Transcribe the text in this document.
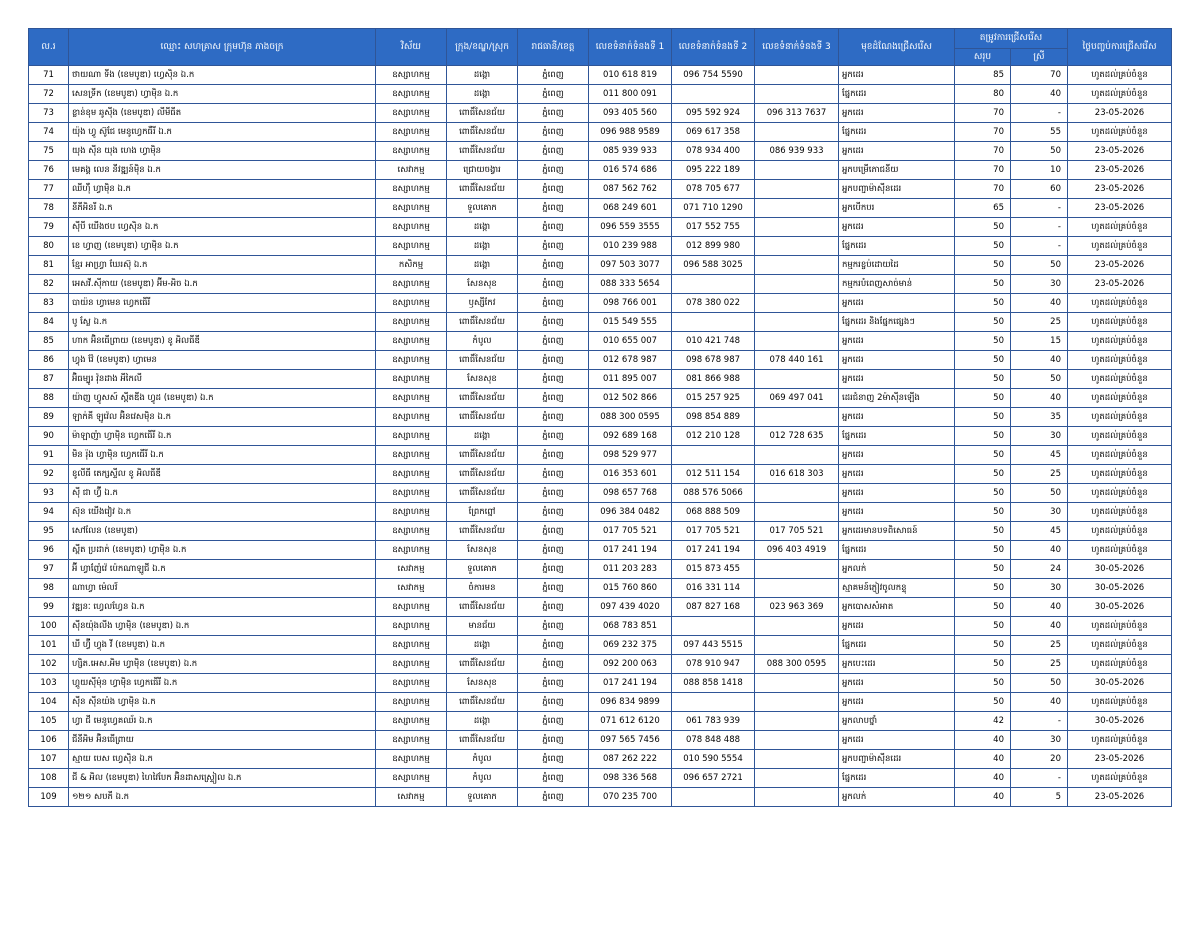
ល.រ	ឈ្មោះ សហគ្រាស ក្រុមហ៊ុន ភាងចក្រ	វិស័យ	ក្រុង/ខណ្ឌ/ស្រុក	រាជធានី/ខេត្ត	លេខទំនាក់ទំនងទី 1	លេខទំនាក់ទំនងទី 2	លេខទំនាក់ទំនងទី 3	មុខដំណែងជ្រើសរើស	តម្រូវការជ្រើសរើស		ថ្ងៃបញ្ចប់ការជ្រើសរើស
									សរុប	ស្រី	
71	ថាយណា ទីង (ខេមបូឌា) ហ្វេស៊ិន ឯ.ក	ឧស្សាហកម្ម	ដង្កោ	ភ្នំពេញ	010 618 819	096 754 5590		អ្នកដេរ	85	70	ហូតដល់គ្រប់ចំនួន
72	សេនទ្រីក (ខេមបូឌា) ហ្វាម៉ិន ឯ.ក	ឧស្សាហកម្ម	ដង្កោ	ភ្នំពេញ	011 800 091			ផ្នែកដេរ	80	40	ហូតដល់គ្រប់ចំនួន
73	ខ្លាន់ខុម ឆូស៊ីង (ខេមបូឌា) លីមីធីត	ឧស្សាហកម្ម	ពោធិ៍សែនជ័យ	ភ្នំពេញ	093 405 560	095 592 924	096 313 7637	អ្នកដេរ	70	-	23-05-2026
74	យ៉ុង ហ្វូ ស៊ូជែ មេនូហ្វេកធឺរី ឯ.ក	ឧស្សាហកម្ម	ពោធិ៍សែនជ័យ	ភ្នំពេញ	096 988 9589	069 617 358		ផ្នែកដេរ	70	55	ហូតដល់គ្រប់ចំនួន
75	យុង ស៊ីន យុង ហេង ហ្វាម៉ិន	ឧស្សាហកម្ម	ពោធិ៍សែនជ័យ	ភ្នំពេញ	085 939 933	078 934 400	086 939 933	អ្នកដេរ	70	50	23-05-2026
76	មេគង្គ លេន នីវឌ្ឍន៍ម៉ិន ឯ.ក	សេវាកម្ម	ជ្រោយចង្វារ	ភ្នំពេញ	016 574 686	095 222 189		អ្នកបម្រើភោជនីយ	70	10	23-05-2026
77	ឈីហ៊ឺ ហ្វាម៉ិន ឯ.ក	ឧស្សាហកម្ម	ពោធិ៍សែនជ័យ	ភ្នំពេញ	087 562 762	078 705 677		អ្នកបញ្ជាម៉ាស៊ីនដេរ	70	60	23-05-2026
78	នីភីអិនរី ឯ.ក	ឧស្សាហកម្ម	ទួលគោក	ភ្នំពេញ	068 249 601	071 710 1290		អ្នកបើកបរ	65	-	23-05-2026
79	ស៊ីបី យើងថប ហ្វេស៊ិន ឯ.ក	ឧស្សាហកម្ម	ដង្កោ	ភ្នំពេញ	096 559 3555	017 552 755		អ្នកដេរ	50	-	ហូតដល់គ្រប់ចំនួន
80	ខេ ហ្វាញ (ខេមបូឌា) ហ្វាម៉ិន ឯ.ក	ឧស្សាហកម្ម	ដង្កោ	ភ្នំពេញ	010 239 988	012 899 980		ផ្នែកដេរ	50	-	ហូតដល់គ្រប់ចំនួន
81	ខ្មែរ អាហ្វ្រា ឃែរស៊ុ ឯ.ក	កសិកម្ម	ដង្កោ	ភ្នំពេញ	097 503 3077	096 588 3025		កម្មករខ្ចប់ដោយដៃ	50	50	23-05-2026
82	អេសវី.ស៊ីកាយ (ខេមបូឌា) អ៊ីម-អិច ឯ.ក	ឧស្សាហកម្ម	សែនសុខ	ភ្នំពេញ	088 333 5654			កម្មករបំពេញសាច់មាន់	50	30	23-05-2026
83	បាយ៉ន ហ្វាមេន ហ្វេកធើរី	ឧស្សាហកម្ម	ឫស្សីកែវ	ភ្នំពេញ	098 766 001	078 380 022		អ្នកដេរ	50	40	ហូតដល់គ្រប់ចំនួន
84	បូ ស្លែ ឯ.ក	ឧស្សាហកម្ម	ពោធិ៍សែនជ័យ	ភ្នំពេញ	015 549 555			ផ្នែកដេរ និងផ្នែកផ្សេងៗ	50	25	ហូតដល់គ្រប់ចំនួន
85	ហាក អ៊ិនធើព្រាយ (ខេមបូឌា) ខូ អិលធីឌី	ឧស្សាហកម្ម	កំបូល	ភ្នំពេញ	010 655 007	010 421 748		អ្នកដេរ	50	15	ហូតដល់គ្រប់ចំនួន
86	ហ្វុង វ៉ែ (ខេមបូឌា) ហ្វាមេន	ឧស្សាហកម្ម	ពោធិ៍សែនជ័យ	ភ្នំពេញ	012 678 987	098 678 987	078 440 161	អ្នកដេរ	50	40	ហូតដល់គ្រប់ចំនួន
87	អ៊ិធម្បូរ វ៉ុនដាង អីកៃលី	ឧស្សាហកម្ម	សែនសុខ	ភ្នំពេញ	011 895 007	081 866 988		អ្នកដេរ	50	50	ហូតដល់គ្រប់ចំនួន
88	យ៉ាញ ហ្វូសស៍ ស្ពីតឌីង ហ្វូដ (ខេមបូឌា) ឯ.ក	ឧស្សាហកម្ម	ពោធិ៍សែនជ័យ	ភ្នំពេញ	012 502 866	015 257 925	069 497 041	ដេរជំនាញ 2ម៉ាស៊ីនឡើង	50	40	ហូតដល់គ្រប់ចំនួន
89	ឡាក់គី ឡូវ៉េល អ៊ិនវេសម៉ិន ឯ.ក	ឧស្សាហកម្ម	ពោធិ៍សែនជ័យ	ភ្នំពេញ	088 300 0595	098 854 889		អ្នកដេរ	50	35	ហូតដល់គ្រប់ចំនួន
90	ម៉ាឡាញ៉ា ហ្វាម៉ិន ហ្វេកធើរី ឯ.ក	ឧស្សាហកម្ម	ដង្កោ	ភ្នំពេញ	092 689 168	012 210 128	012 728 635	ផ្នែកដេរ	50	30	ហូតដល់គ្រប់ចំនួន
91	មិន រ៉ុង ហ្វាម៉ិន ហ្វេកធើរី ឯ.ក	ឧស្សាហកម្ម	ពោធិ៍សែនជ័យ	ភ្នំពេញ	098 529 977			អ្នកដេរ	50	45	ហូតដល់គ្រប់ចំនួន
92	ខូលីធី តេក្សស្ទីល ខូ អិលធីឌី	ឧស្សាហកម្ម	ពោធិ៍សែនជ័យ	ភ្នំពេញ	016 353 601	012 511 154	016 618 303	អ្នកដេរ	50	25	ហូតដល់គ្រប់ចំនួន
93	ស៊ី ជា ហ្វ៊ី ឯ.ក	ឧស្សាហកម្ម	ពោធិ៍សែនជ័យ	ភ្នំពេញ	098 657 768	088 576 5066		អ្នកដេរ	50	50	ហូតដល់គ្រប់ចំនួន
94	ស៊ុន យើងវៀវ ឯ.ក	ឧស្សាហកម្ម	ព្រែកព្នៅ	ភ្នំពេញ	096 384 0482	068 888 509		អ្នកដេរ	50	30	ហូតដល់គ្រប់ចំនួន
95	សៅលែន (ខេមបូឌា)	ឧស្សាហកម្ម	ពោធិ៍សែនជ័យ	ភ្នំពេញ	017 705 521	017 705 521	017 705 521	អ្នកដេរមានបទពិសោធន៍	50	45	ហូតដល់គ្រប់ចំនួន
96	ស្ពីត ប្រដាក់ (ខេមបូឌា) ហ្វាម៉ិន ឯ.ក	ឧស្សាហកម្ម	សែនសុខ	ភ្នំពេញ	017 241 194	017 241 194	096 403 4919	ផ្នែកដេរ	50	40	ហូតដល់គ្រប់ចំនួន
97	អ៊ី ហ្វាញ៉ែវ៉េ ប៉េកណាឡូជី ឯ.ក	សេវាកម្ម	ទួលគោក	ភ្នំពេញ	011 203 283	015 873 455		អ្នកលក់	50	24	30-05-2026
98	ណាហ្វា ម៉េលវ៍	សេវាកម្ម	ចំការមន	ភ្នំពេញ	015 760 860	016 331 114		ស្មាគមន៍ភ្ញៀវចូលកន្ទុ	50	30	30-05-2026
99	វឌ្ឍនៈ ហ្វេលហ្វែន ឯ.ក	ឧស្សាហកម្ម	ពោធិ៍សែនជ័យ	ភ្នំពេញ	097 439 4020	087 827 168	023 963 369	អ្នកបោសសំអាត	50	40	30-05-2026
100	ស៊ីនយ៉ុងលីង ហ្វាម៉ិន (ខេមបូឌា) ឯ.ក	ឧស្សាហកម្ម	មានជ័យ	ភ្នំពេញ	068 783 851			អ្នកដេរ	50	40	ហូតដល់គ្រប់ចំនួន
101	ឃី ហ្វ៊ី ហ្វុង វី (ខេមបូឌា) ឯ.ក	ឧស្សាហកម្ម	ដង្កោ	ភ្នំពេញ	069 232 375	097 443 5515		ផ្នែកដេរ	50	25	ហូតដល់គ្រប់ចំនួន
102	ហ្សិត.អេស.អិម ហ្វាម៉ិន (ខេមបូឌា) ឯ.ក	ឧស្សាហកម្ម	ពោធិ៍សែនជ័យ	ភ្នំពេញ	092 200 063	078 910 947	088 300 0595	អ្នកបេះដេរ	50	25	ហូតដល់គ្រប់ចំនួន
103	ហ្គូយស៊ីម៉ុន ហ្វាម៉ិន ហ្វេកធើរី ឯ.ក	ឧស្សាហកម្ម	សែនសុខ	ភ្នំពេញ	017 241 194	088 858 1418		អ្នកដេរ	50	50	30-05-2026
104	ស៊ីន ស៊ីនយ៉ង ហ្វាម៉ិន ឯ.ក	ឧស្សាហកម្ម	ពោធិ៍សែនជ័យ	ភ្នំពេញ	096 834 9899			អ្នកដេរ	50	40	ហូតដល់គ្រប់ចំនួន
105	ហ្វា ជី មេនូហ្វេគឈ័រ ឯ.ក	ឧស្សាហកម្ម	ដង្កោ	ភ្នំពេញ	071 612 6120	061 783 939		អ្នកលាបថ្នាំ	42	-	30-05-2026
106	ជីនីអិម អ៊ិនធើព្រាយ	ឧស្សាហកម្ម	ពោធិ៍សែនជ័យ	ភ្នំពេញ	097 565 7456	078 848 488		អ្នកដេរ	40	30	ហូតដល់គ្រប់ចំនួន
107	ស្មាយ បេស ហ្វេស៊ិន ឯ.ក	ឧស្សាហកម្ម	កំបូល	ភ្នំពេញ	087 262 222	010 590 5554		អ្នកបញ្ជាម៉ាស៊ីនដេរ	40	20	23-05-2026
108	ជី & អិល (ខេមបូឌា) ហៃវៃបែក អ៊ិនដាសស្ទ្រៀល ឯ.ក	ឧស្សាហកម្ម	កំបូល	ភ្នំពេញ	098 336 568	096 657 2721		ផ្នែកដេរ	40	-	ហូតដល់គ្រប់ចំនួន
109	១២១ សបភី ឯ.ក	សេវាកម្ម	ទួលគោក	ភ្នំពេញ	070 235 700			អ្នកលក់	40	5	23-05-2026
